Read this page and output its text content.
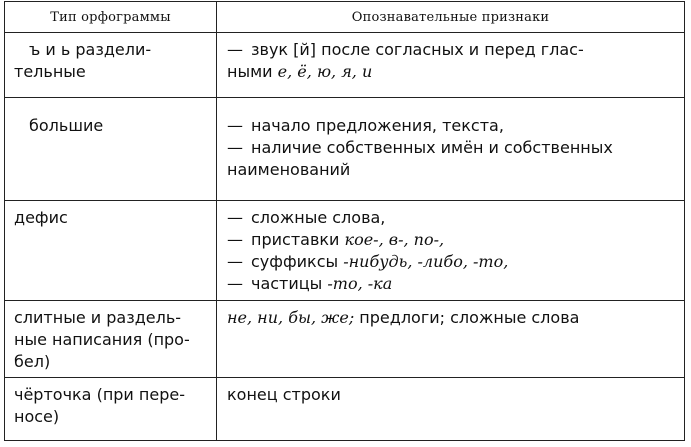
Тип орфограммы	Опознавательные признаки

ъ и ь раздели-
тельные	— звук [й] после согласных и перед глас-
ными е, ё, ю, я, и

большие	— начало предложения, текста,
— наличие собственных имён и собственных
наименований

дефис	— сложные слова,
— приставки кое-, в-, по-,
— суффиксы -нибудь, -либо, -то,
— частицы -то, -ка

слитные и раздель-
ные написания (про-
бел)	не, ни, бы, же; предлоги; сложные слова

чёрточка (при пере-
носе)	конец строки
